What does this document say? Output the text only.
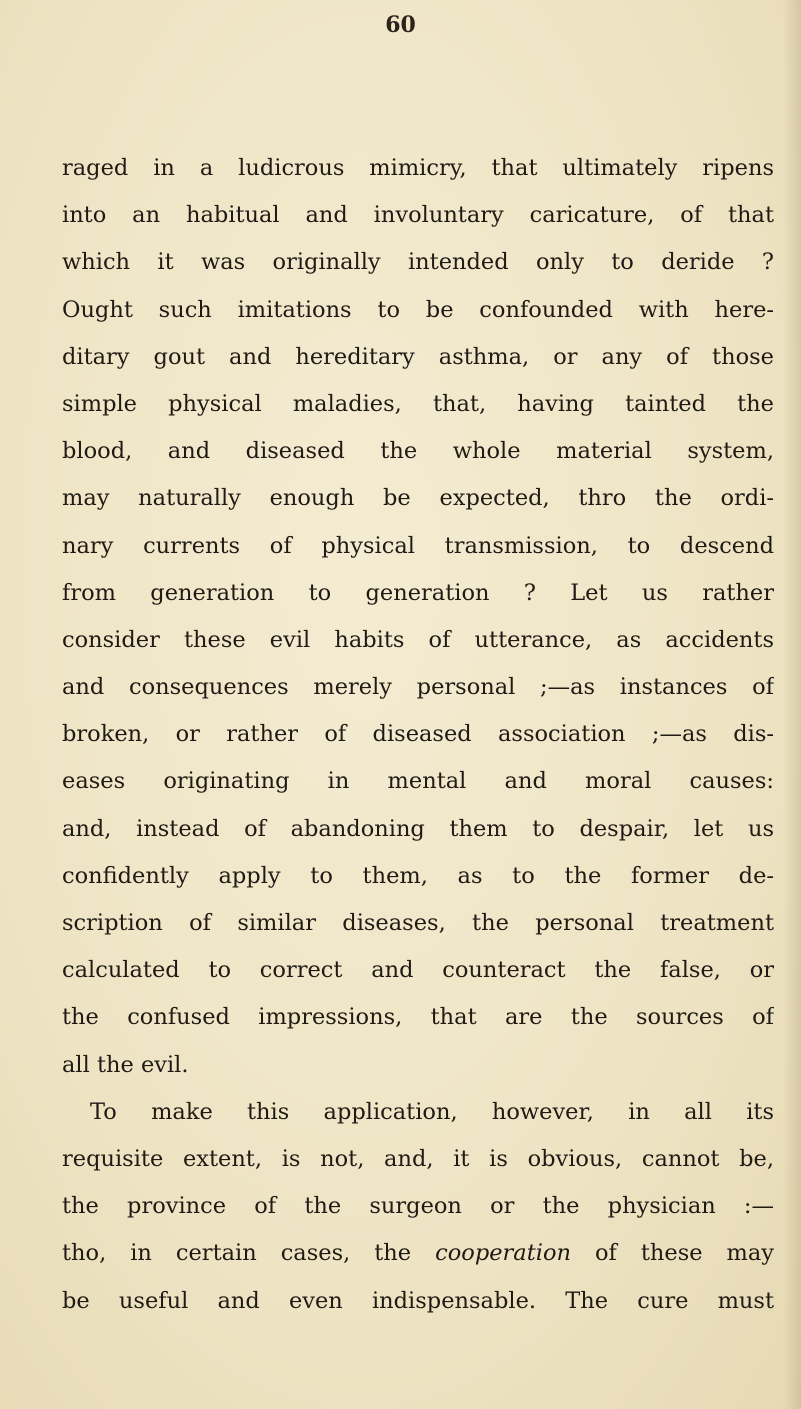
60
raged in a ludicrous mimicry, that ultimately ripens
into an habitual and involuntary caricature, of that
which it was originally intended only to deride ?
Ought such imitations to be confounded with here-
ditary gout and hereditary asthma, or any of those
simple physical maladies, that, having tainted the
blood, and diseased the whole material system,
may naturally enough be expected, thro the ordi-
nary currents of physical transmission, to descend
from generation to generation ? Let us rather
consider these evil habits of utterance, as accidents
and consequences merely personal ;—as instances of
broken, or rather of diseased association ;—as dis-
eases originating in mental and moral causes:
and, instead of abandoning them to despair, let us
confidently apply to them, as to the former de-
scription of similar diseases, the personal treatment
calculated to correct and counteract the false, or
the confused impressions, that are the sources of
all the evil.
To make this application, however, in all its
requisite extent, is not, and, it is obvious, cannot be,
the province of the surgeon or the physician :—
tho, in certain cases, the cooperation of these may
be useful and even indispensable. The cure must
